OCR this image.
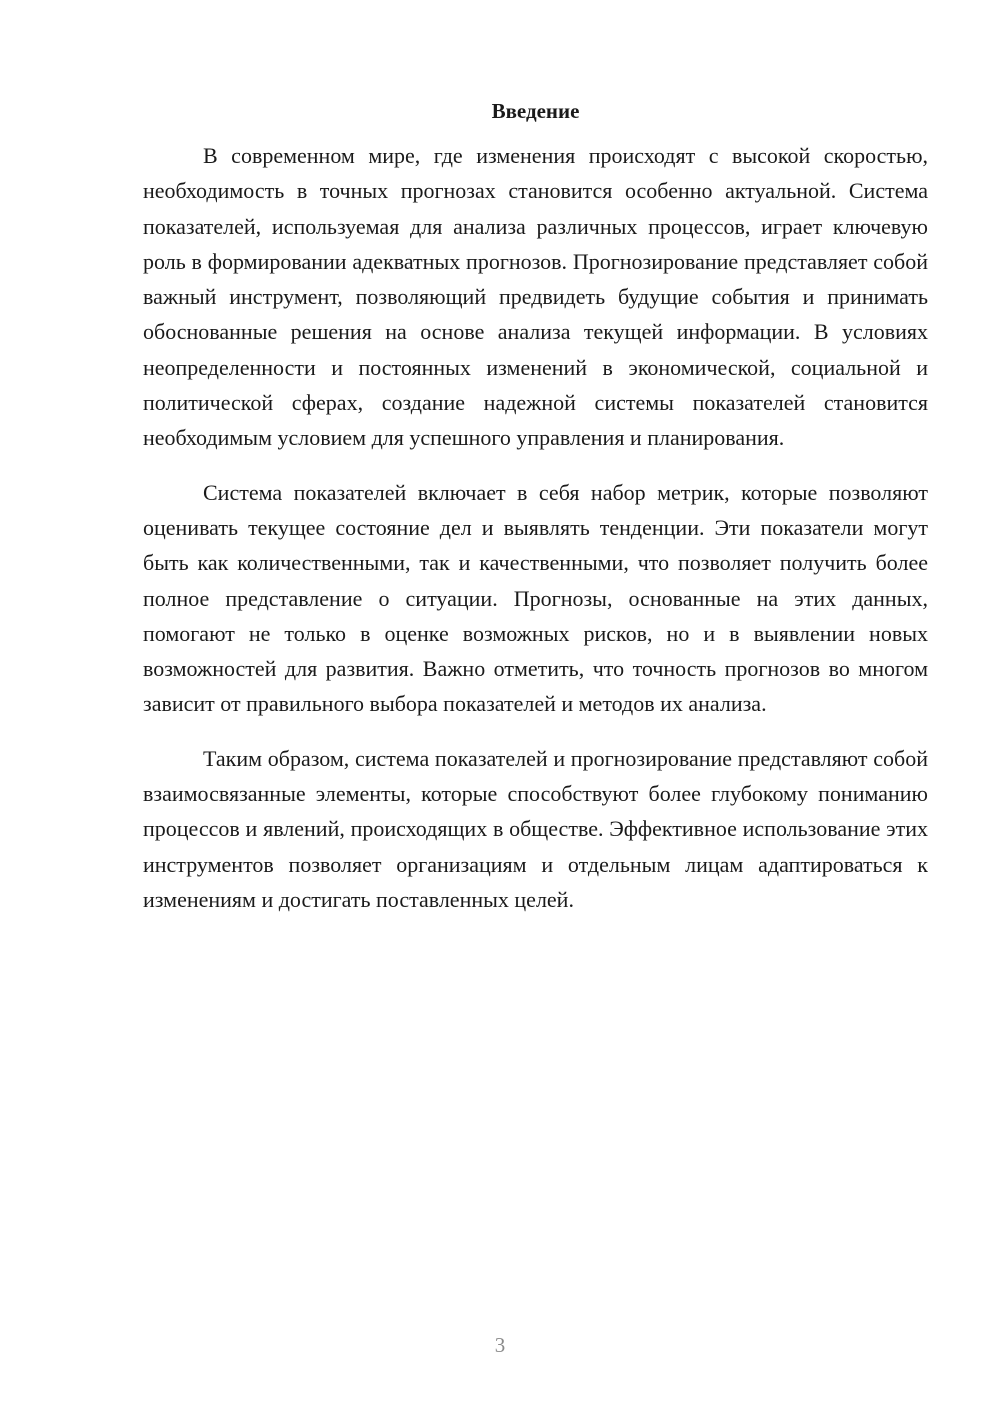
Введение

В современном мире, где изменения происходят с высокой скоростью, необходимость в точных прогнозах становится особенно актуальной. Система показателей, используемая для анализа различных процессов, играет ключевую роль в формировании адекватных прогнозов. Прогнозирование представляет собой важный инструмент, позволяющий предвидеть будущие события и принимать обоснованные решения на основе анализа текущей информации. В условиях неопределенности и постоянных изменений в экономической, социальной и политической сферах, создание надежной системы показателей становится необходимым условием для успешного управления и планирования.

Система показателей включает в себя набор метрик, которые позволяют оценивать текущее состояние дел и выявлять тенденции. Эти показатели могут быть как количественными, так и качественными, что позволяет получить более полное представление о ситуации. Прогнозы, основанные на этих данных, помогают не только в оценке возможных рисков, но и в выявлении новых возможностей для развития. Важно отметить, что точность прогнозов во многом зависит от правильного выбора показателей и методов их анализа.

Таким образом, система показателей и прогнозирование представляют собой взаимосвязанные элементы, которые способствуют более глубокому пониманию процессов и явлений, происходящих в обществе. Эффективное использование этих инструментов позволяет организациям и отдельным лицам адаптироваться к изменениям и достигать поставленных целей.

3
